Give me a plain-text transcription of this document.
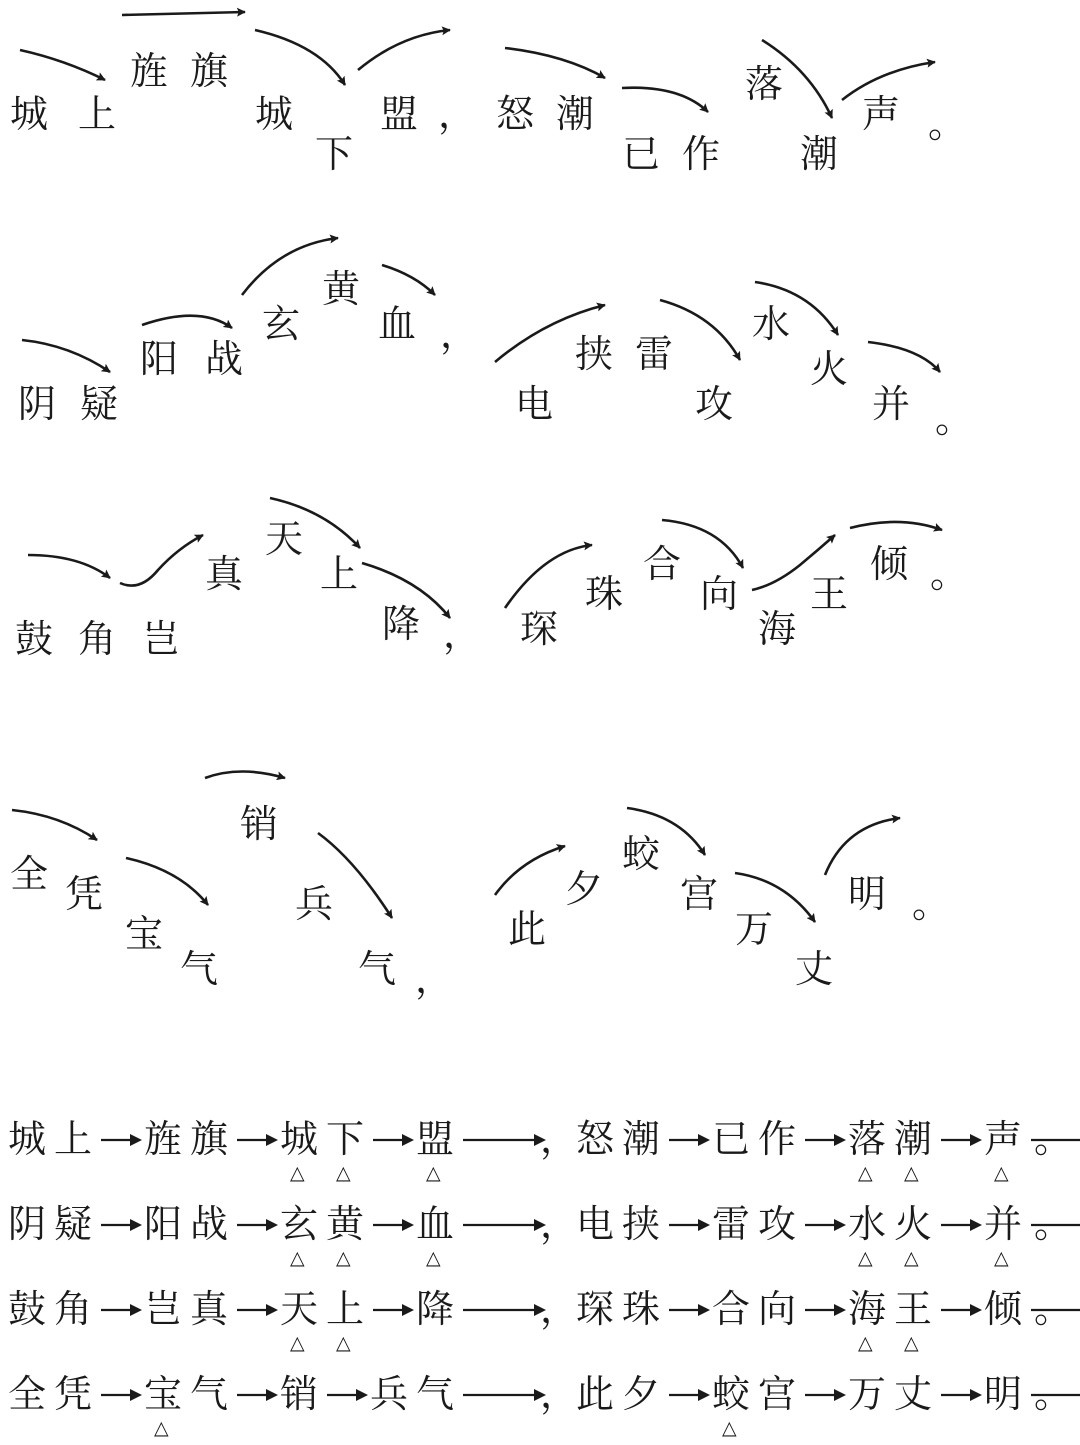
城 上
旌 旗
城
下
盟 ， 怒 潮
已 作
落
潮
声 。
阴 疑
阳 战
玄
黄
血 ，
电
挟 雷
攻
水
火
并 。
鼓 角 岂
真
天
上
降 ， 琛
珠
合
向
海
王
倾 。
全 凭
宝
气
销
兵
气 ，
此
夕
蛟
宫
万
丈
明 。
城 上 旌 旗 城
△
下
△
盟
△
，
怒 潮 已 作 落
△
潮
△
声
△
。
阴 疑 阳 战 玄
△
黄
△
血
△
，
电 挟 雷 攻 水
△
火
△
并
△
。
鼓 角 岂 真 天
△
上
△
降 ，
琛 珠 合 向 海
△
王
△
倾 。
全 凭 宝
△
气 销 兵 气 ，
此 夕 蛟
△
宫 万 丈 明 。
